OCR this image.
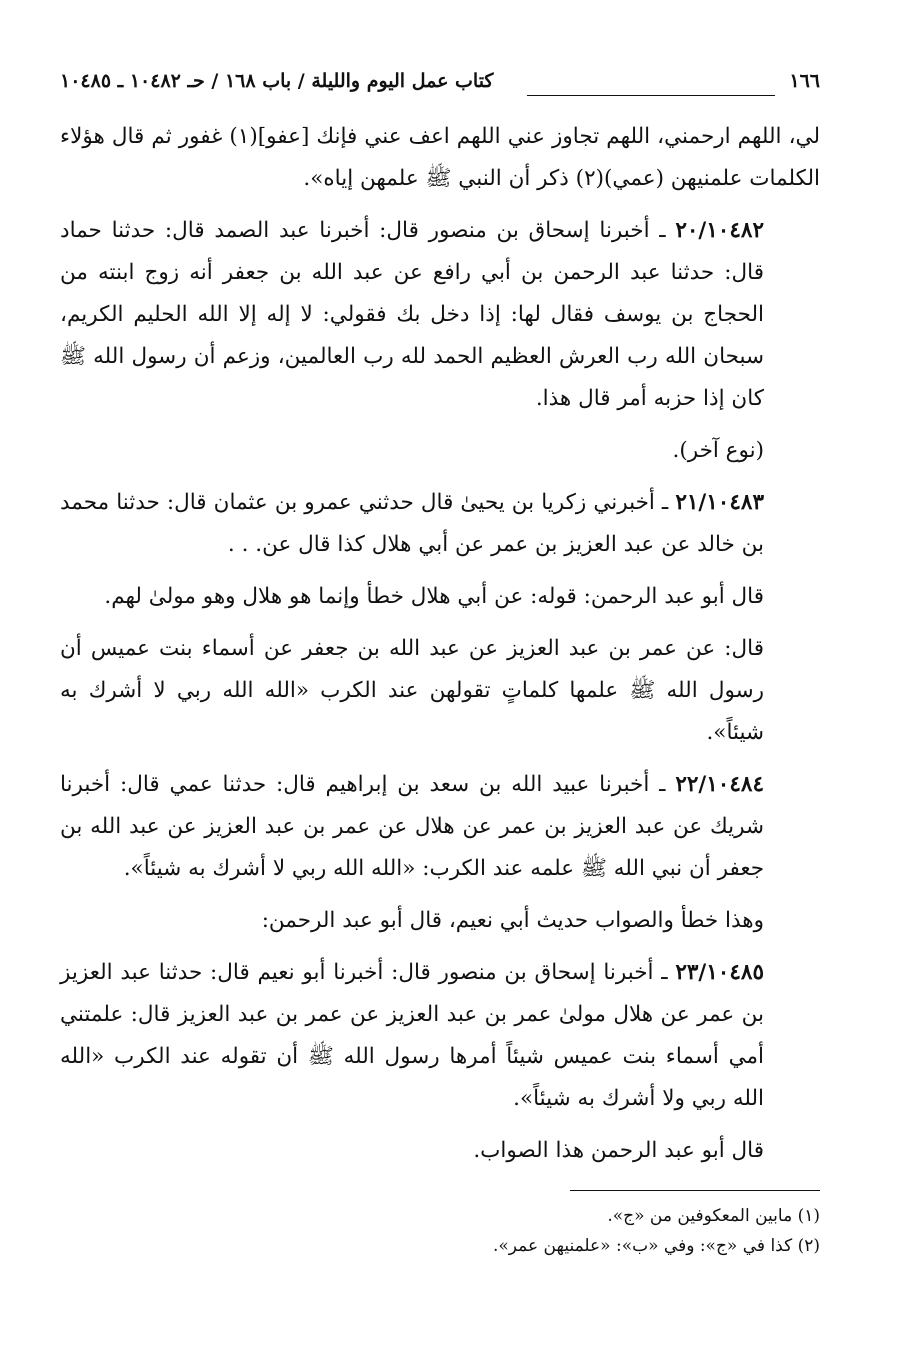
١٦٦
كتاب عمل اليوم والليلة / باب ١٦٨ / حـ ١٠٤٨٢ ـ ١٠٤٨٥

لي، اللهم ارحمني، اللهم تجاوز عني اللهم اعف عني فإنك [عفو](١) غفور ثم قال هؤلاء الكلمات علمنيهن (عمي)(٢) ذكر أن النبي ﷺ علمهن إياه».

٢٠/١٠٤٨٢ ـ أخبرنا إسحاق بن منصور قال: أخبرنا عبد الصمد قال: حدثنا حماد قال: حدثنا عبد الرحمن بن أبي رافع عن عبد الله بن جعفر أنه زوج ابنته من الحجاج بن يوسف فقال لها: إذا دخل بك فقولي: لا إله إلا الله الحليم الكريم، سبحان الله رب العرش العظيم الحمد لله رب العالمين، وزعم أن رسول الله ﷺ كان إذا حزبه أمر قال هذا.

(نوع آخر).

٢١/١٠٤٨٣ ـ أخبرني زكريا بن يحيىٰ قال حدثني عمرو بن عثمان قال: حدثنا محمد بن خالد عن عبد العزيز بن عمر عن أبي هلال كذا قال عن. . .

قال أبو عبد الرحمن: قوله: عن أبي هلال خطأ وإنما هو هلال وهو مولىٰ لهم.

قال: عن عمر بن عبد العزيز عن عبد الله بن جعفر عن أسماء بنت عميس أن رسول الله ﷺ علمها كلماتٍ تقولهن عند الكرب «الله الله ربي لا أشرك به شيئاً».

٢٢/١٠٤٨٤ ـ أخبرنا عبيد الله بن سعد بن إبراهيم قال: حدثنا عمي قال: أخبرنا شريك عن عبد العزيز بن عمر عن هلال عن عمر بن عبد العزيز عن عبد الله بن جعفر أن نبي الله ﷺ علمه عند الكرب: «الله الله ربي لا أشرك به شيئاً».

وهذا خطأ والصواب حديث أبي نعيم، قال أبو عبد الرحمن:

٢٣/١٠٤٨٥ ـ أخبرنا إسحاق بن منصور قال: أخبرنا أبو نعيم قال: حدثنا عبد العزيز بن عمر عن هلال مولىٰ عمر بن عبد العزيز عن عمر بن عبد العزيز قال: علمتني أمي أسماء بنت عميس شيئاً أمرها رسول الله ﷺ أن تقوله عند الكرب «الله الله ربي ولا أشرك به شيئاً».

قال أبو عبد الرحمن هذا الصواب.

(١) مابين المعكوفين من «ج».

(٢) كذا في «ج»: وفي «ب»: «علمنيهن عمر».
